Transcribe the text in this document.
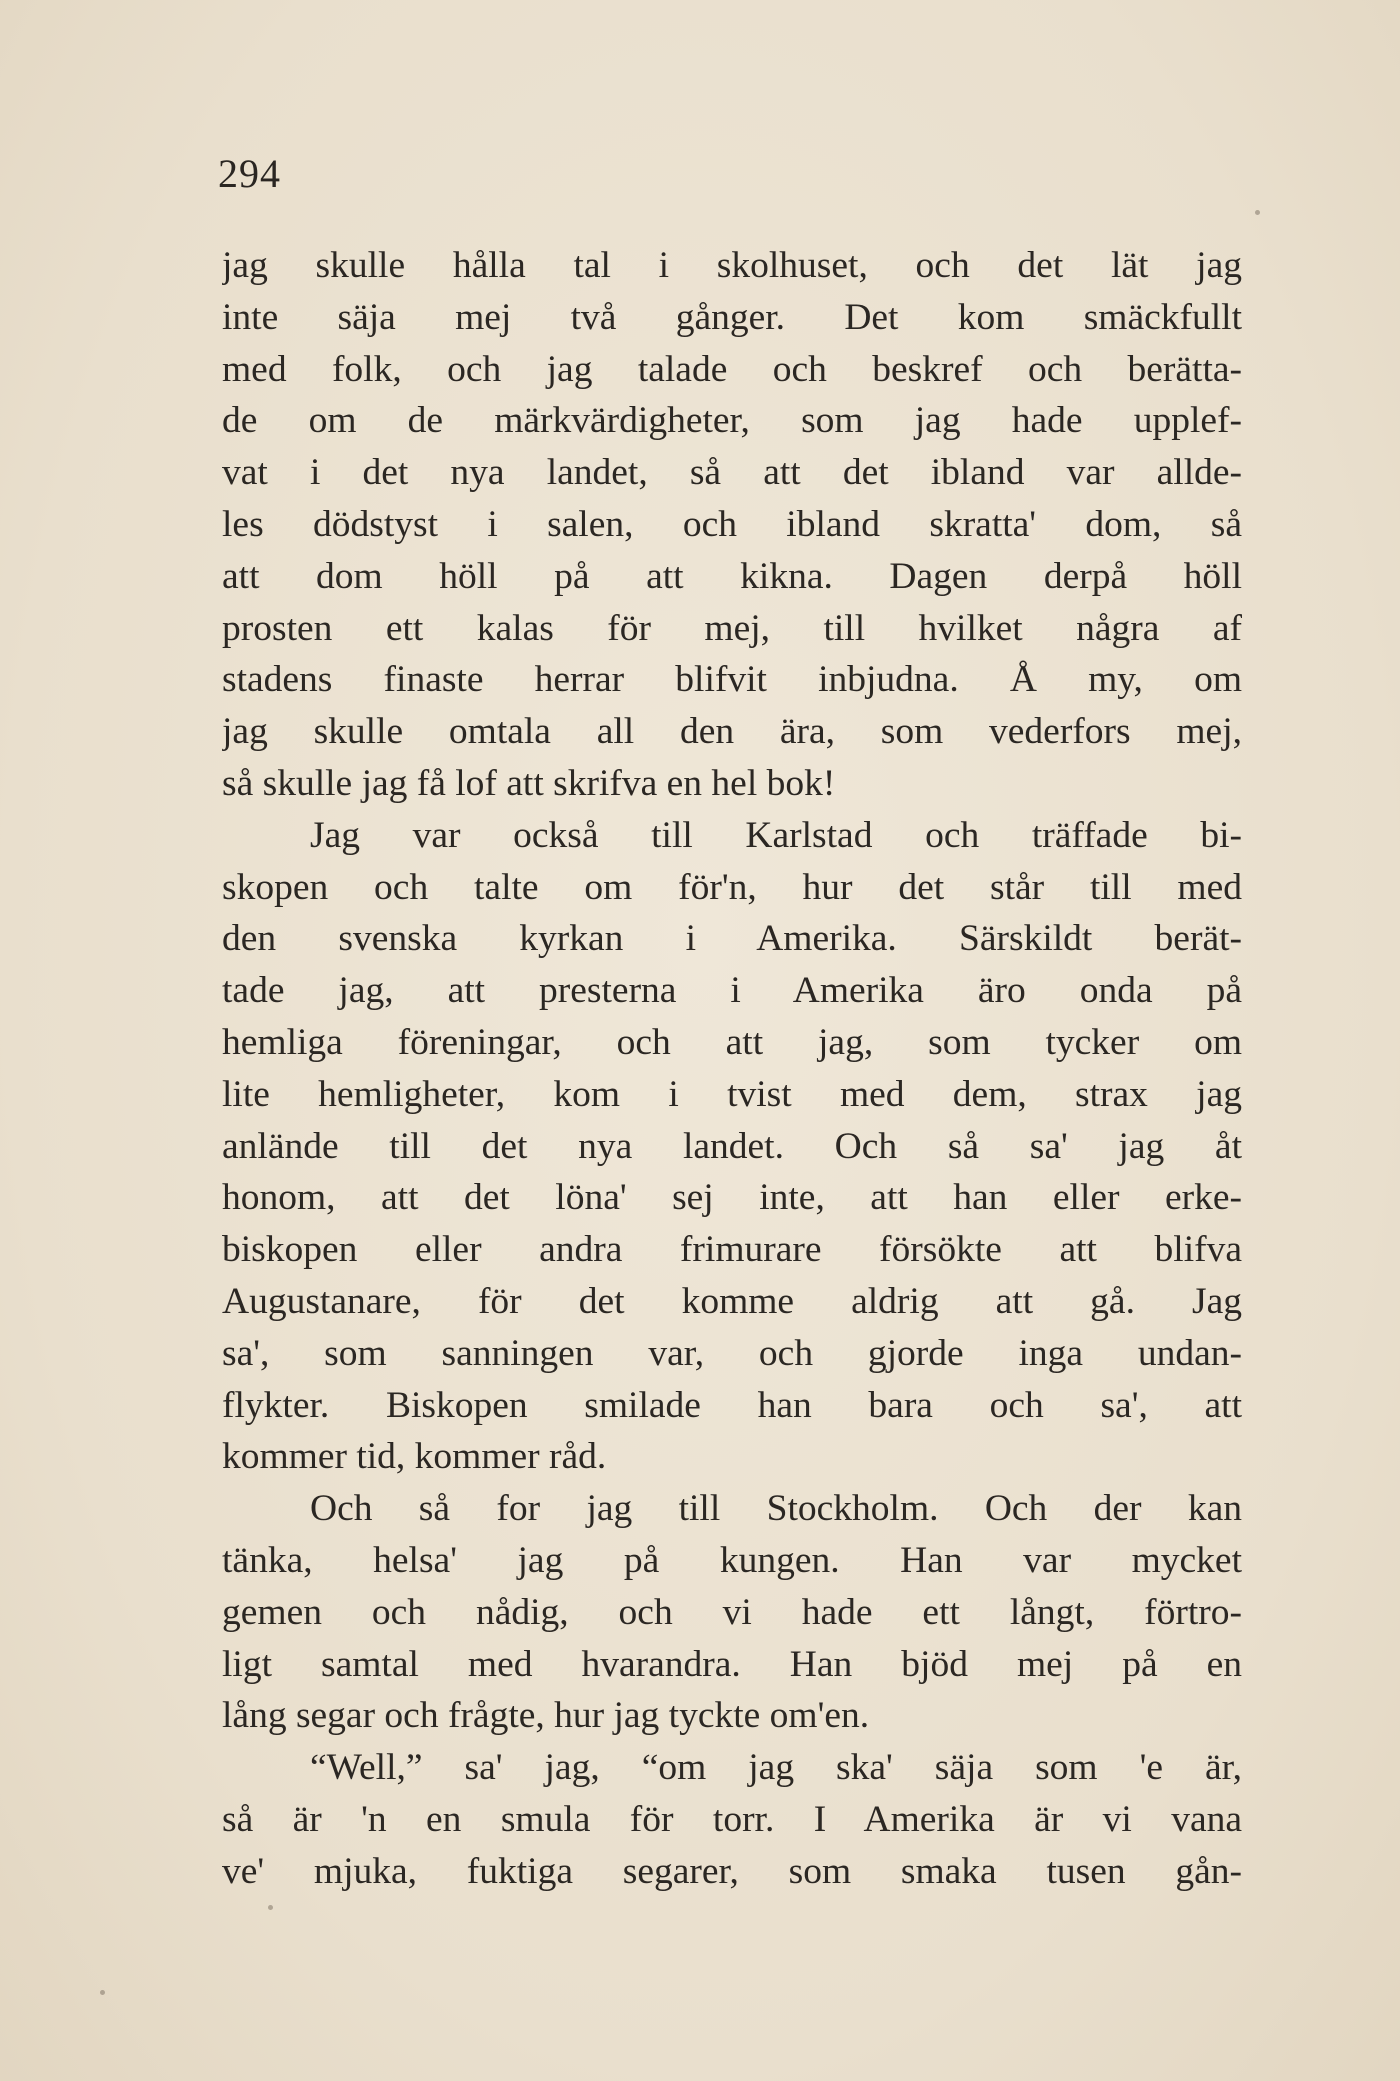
294
jag skulle hålla tal i skolhuset, och det lät jag
inte säja mej två gånger. Det kom smäckfullt
med folk, och jag talade och beskref och berätta-
de om de märkvärdigheter, som jag hade upplef-
vat i det nya landet, så att det ibland var allde-
les dödstyst i salen, och ibland skratta' dom, så
att dom höll på att kikna. Dagen derpå höll
prosten ett kalas för mej, till hvilket några af
stadens finaste herrar blifvit inbjudna. Å my, om
jag skulle omtala all den ära, som vederfors mej,
så skulle jag få lof att skrifva en hel bok!
Jag var också till Karlstad och träffade bi-
skopen och talte om för'n, hur det står till med
den svenska kyrkan i Amerika. Särskildt berät-
tade jag, att presterna i Amerika äro onda på
hemliga föreningar, och att jag, som tycker om
lite hemligheter, kom i tvist med dem, strax jag
anlände till det nya landet. Och så sa' jag åt
honom, att det löna' sej inte, att han eller erke-
biskopen eller andra frimurare försökte att blifva
Augustanare, för det komme aldrig att gå. Jag
sa', som sanningen var, och gjorde inga undan-
flykter. Biskopen smilade han bara och sa', att
kommer tid, kommer råd.
Och så for jag till Stockholm. Och der kan
tänka, helsa' jag på kungen. Han var mycket
gemen och nådig, och vi hade ett långt, förtro-
ligt samtal med hvarandra. Han bjöd mej på en
lång segar och frågte, hur jag tyckte om'en.
“Well,” sa' jag, “om jag ska' säja som 'e är,
så är 'n en smula för torr. I Amerika är vi vana
ve' mjuka, fuktiga segarer, som smaka tusen gån-
